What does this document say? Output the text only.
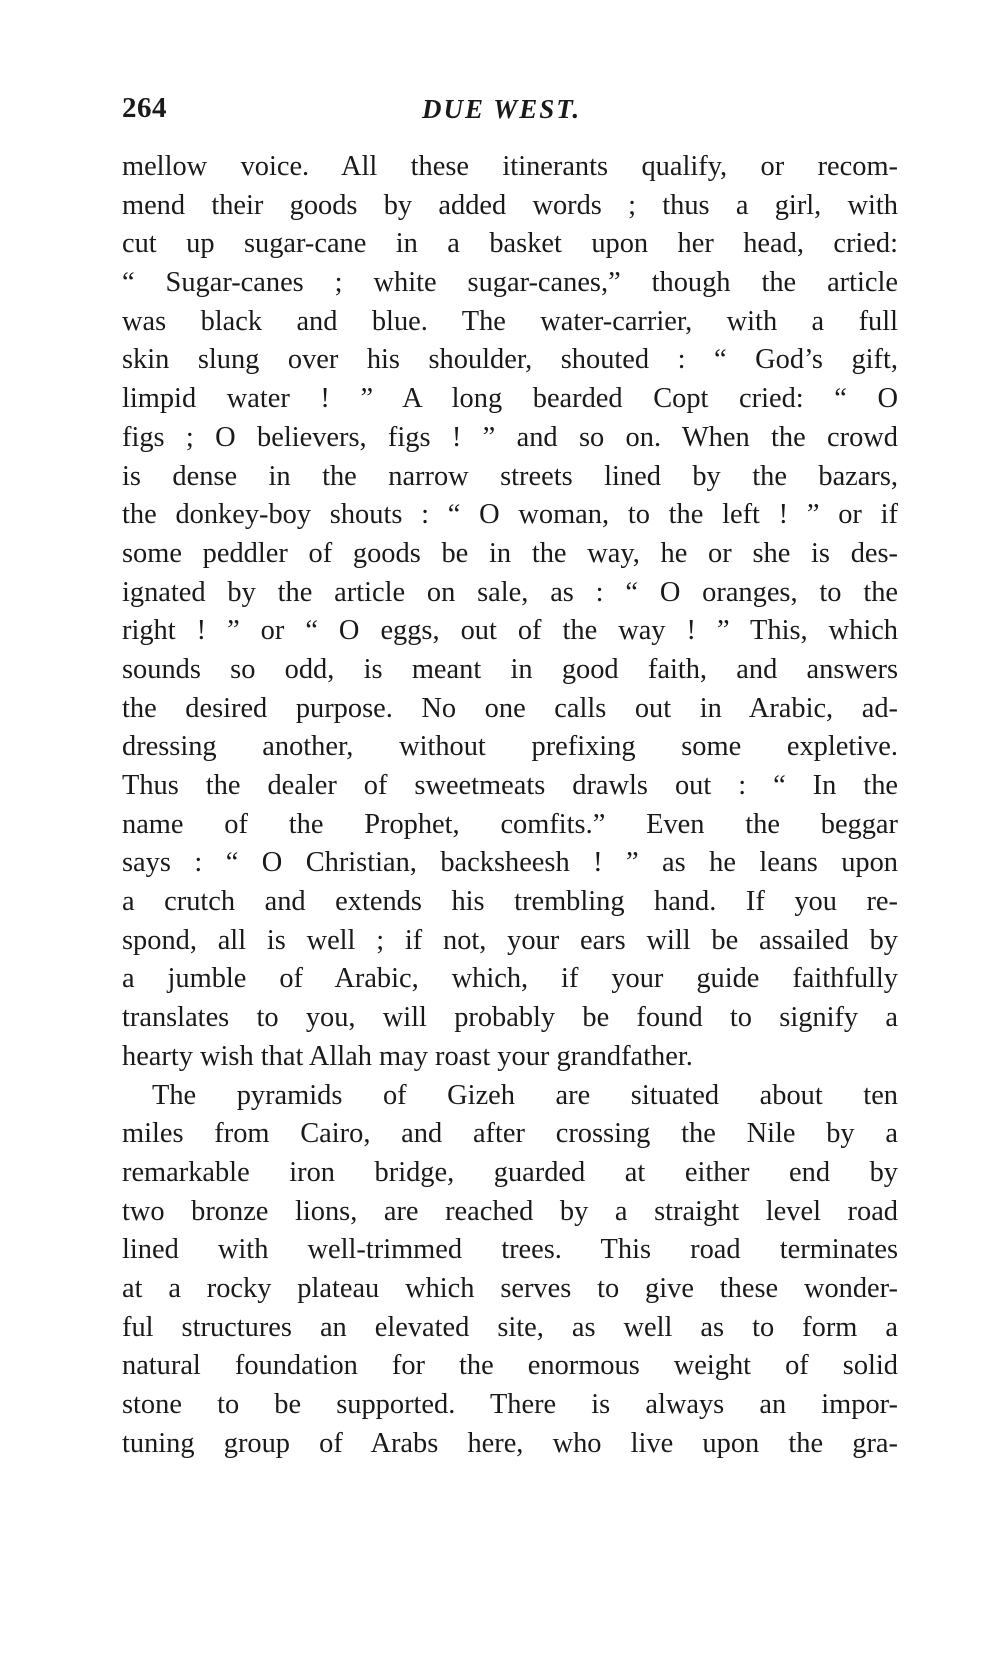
264	DUE WEST.
mellow voice. All these itinerants qualify, or recom-
mend their goods by added words ; thus a girl, with
cut up sugar-cane in a basket upon her head, cried:
“ Sugar-canes ; white sugar-canes,” though the article
was black and blue. The water-carrier, with a full
skin slung over his shoulder, shouted : “ God’s gift,
limpid water ! ” A long bearded Copt cried: “ O
figs ; O believers, figs ! ” and so on. When the crowd
is dense in the narrow streets lined by the bazars,
the donkey-boy shouts : “ O woman, to the left ! ” or if
some peddler of goods be in the way, he or she is des-
ignated by the article on sale, as : “ O oranges, to the
right ! ” or “ O eggs, out of the way ! ” This, which
sounds so odd, is meant in good faith, and answers
the desired purpose. No one calls out in Arabic, ad-
dressing another, without prefixing some expletive.
Thus the dealer of sweetmeats drawls out : “ In the
name of the Prophet, comfits.” Even the beggar
says : “ O Christian, backsheesh ! ” as he leans upon
a crutch and extends his trembling hand. If you re-
spond, all is well ; if not, your ears will be assailed by
a jumble of Arabic, which, if your guide faithfully
translates to you, will probably be found to signify a
hearty wish that Allah may roast your grandfather.
The pyramids of Gizeh are situated about ten
miles from Cairo, and after crossing the Nile by a
remarkable iron bridge, guarded at either end by
two bronze lions, are reached by a straight level road
lined with well-trimmed trees. This road terminates
at a rocky plateau which serves to give these wonder-
ful structures an elevated site, as well as to form a
natural foundation for the enormous weight of solid
stone to be supported. There is always an impor-
tuning group of Arabs here, who live upon the gra-
